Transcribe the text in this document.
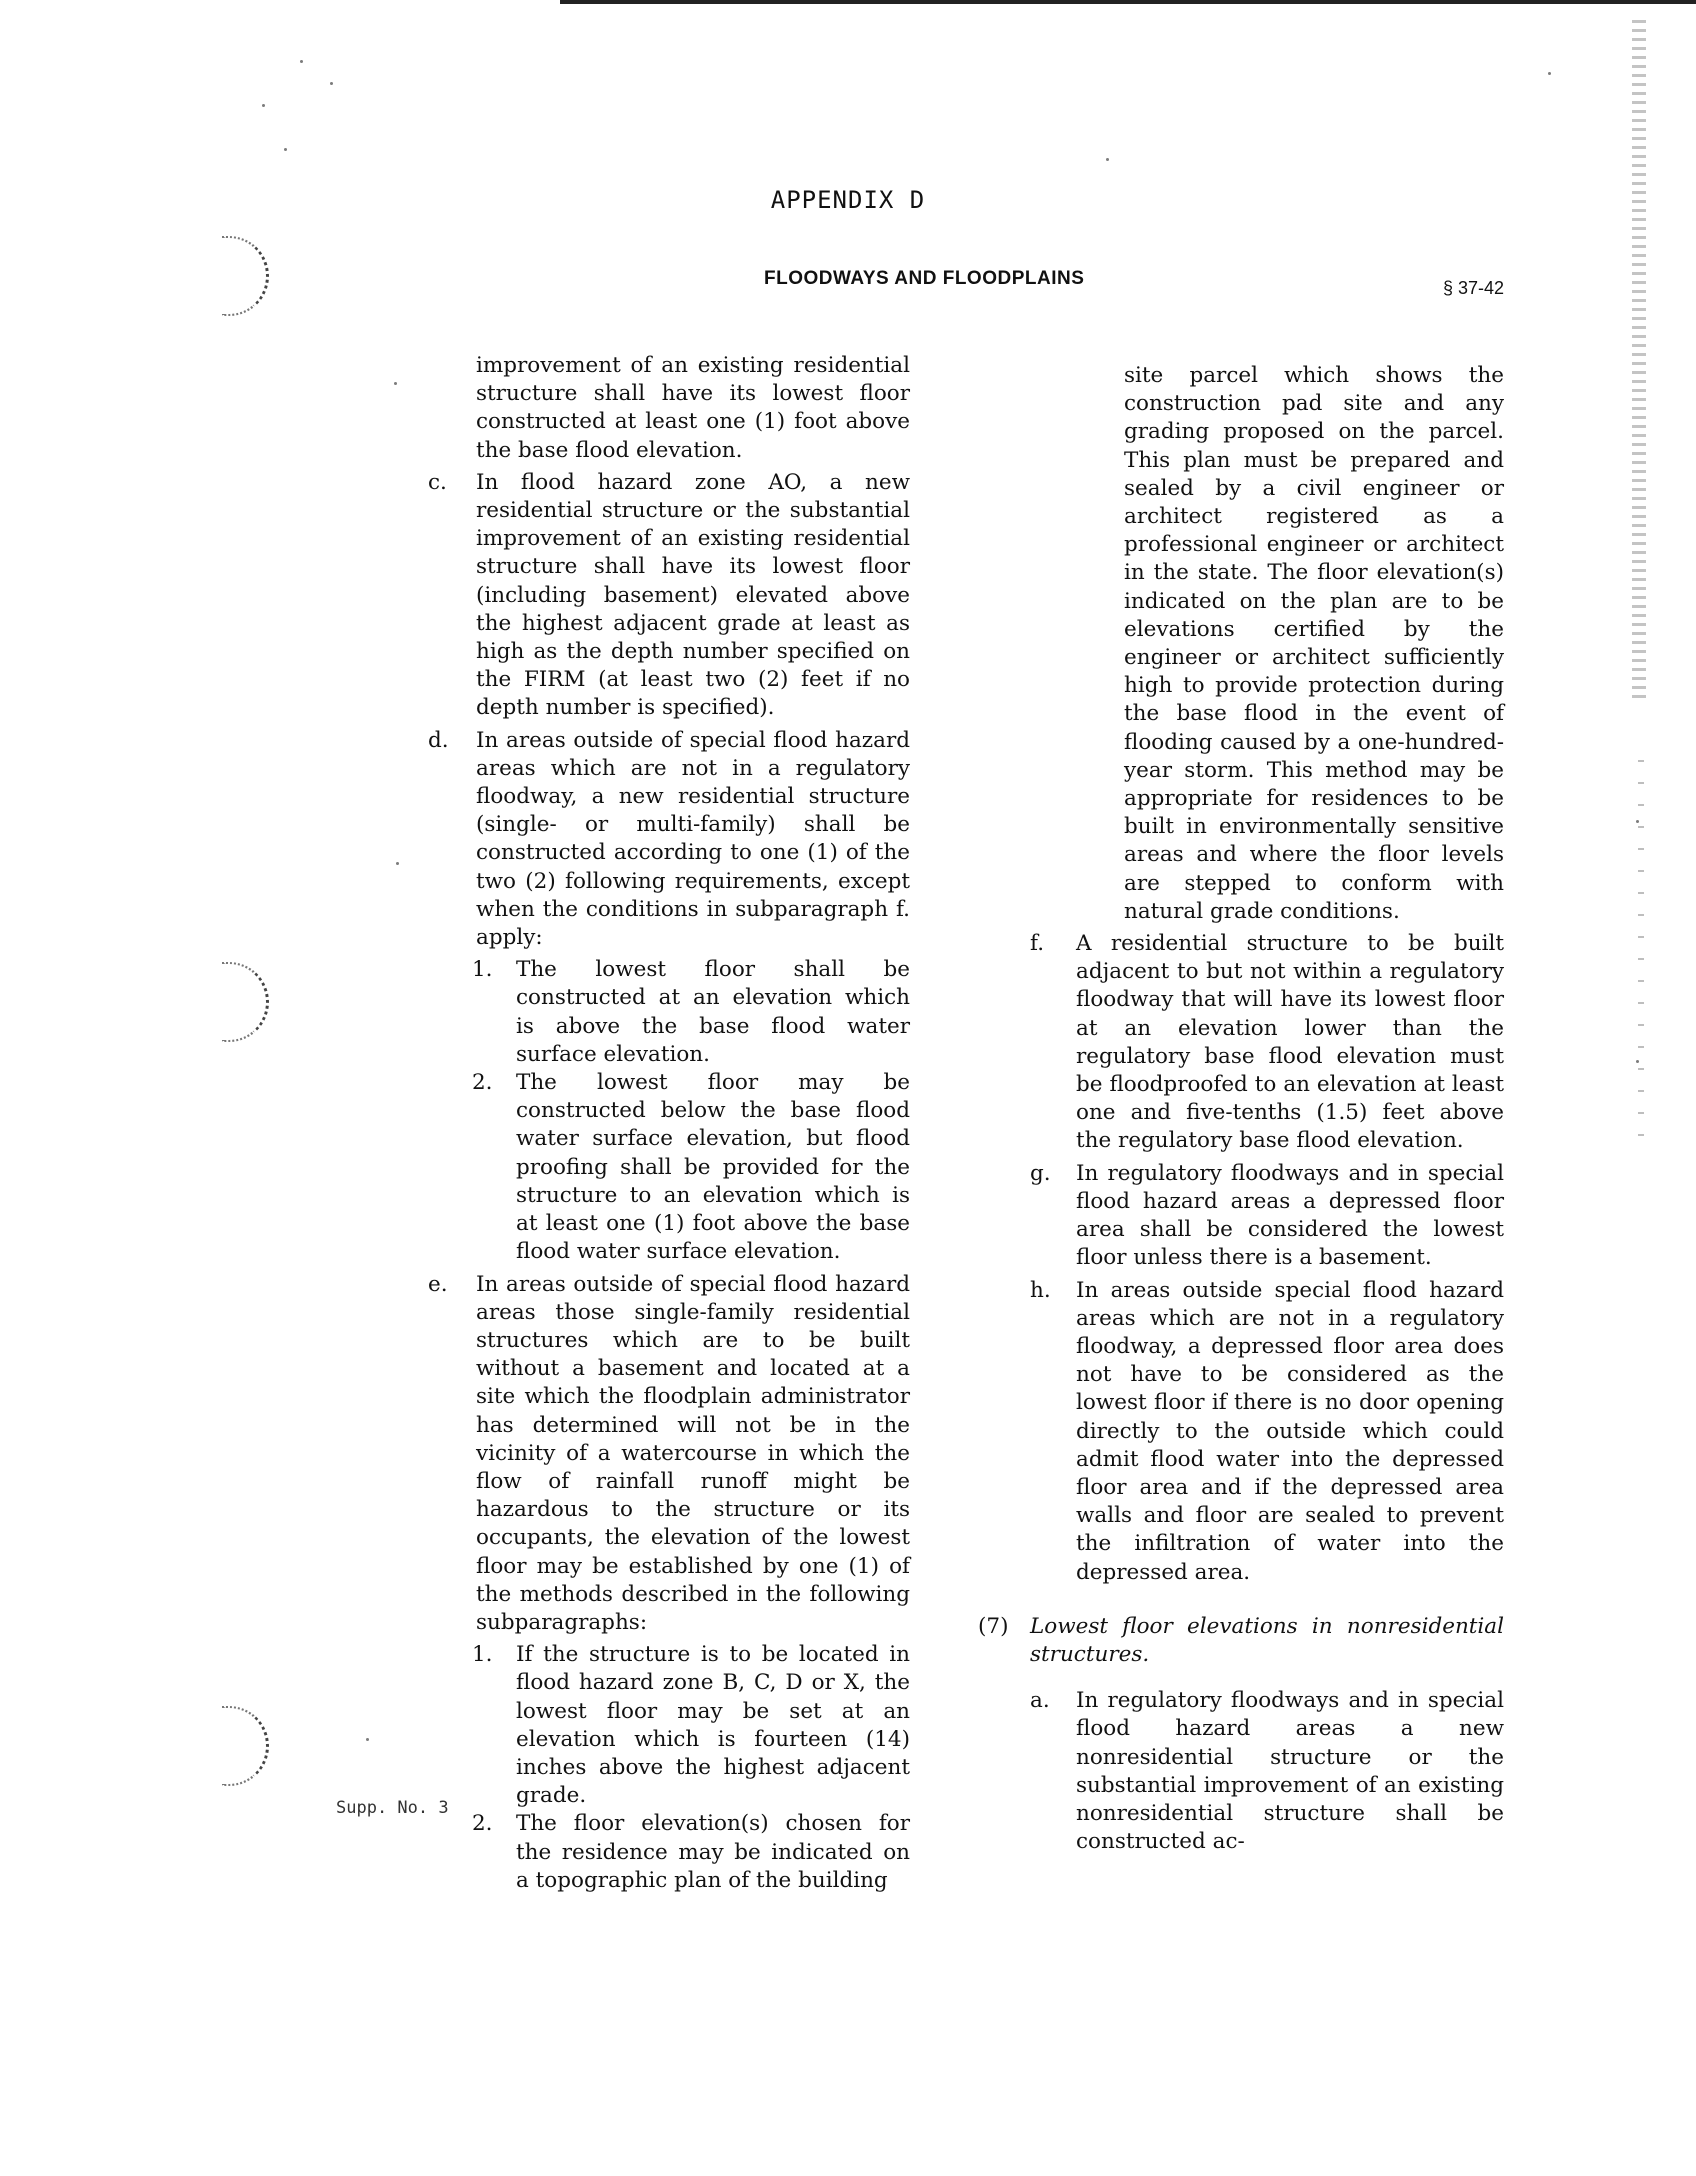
APPENDIX D
FLOODWAYS AND FLOODPLAINS	§ 37-42

improvement of an existing residential structure shall have its lowest floor constructed at least one (1) foot above the base flood elevation.

c. In flood hazard zone AO, a new residential structure or the substantial improvement of an existing residential structure shall have its lowest floor (including basement) elevated above the highest adjacent grade at least as high as the depth number specified on the FIRM (at least two (2) feet if no depth number is specified).
d. In areas outside of special flood hazard areas which are not in a regulatory floodway, a new residential structure (single- or multi-family) shall be constructed according to one (1) of the two (2) following requirements, except when the conditions in subparagraph f. apply:
1. The lowest floor shall be constructed at an elevation which is above the base flood water surface elevation.
2. The lowest floor may be constructed below the base flood water surface elevation, but flood proofing shall be provided for the structure to an elevation which is at least one (1) foot above the base flood water surface elevation.
e. In areas outside of special flood hazard areas those single-family residential structures which are to be built without a basement and located at a site which the floodplain administrator has determined will not be in the vicinity of a watercourse in which the flow of rainfall runoff might be hazardous to the structure or its occupants, the elevation of the lowest floor may be established by one (1) of the methods described in the following subparagraphs:
1. If the structure is to be located in flood hazard zone B, C, D or X, the lowest floor may be set at an elevation which is fourteen (14) inches above the highest adjacent grade.
2. The floor elevation(s) chosen for the residence may be indicated on a topographic plan of the building

site parcel which shows the construction pad site and any grading proposed on the parcel. This plan must be prepared and sealed by a civil engineer or architect registered as a professional engineer or architect in the state. The floor elevation(s) indicated on the plan are to be elevations certified by the engineer or architect sufficiently high to provide protection during the base flood in the event of flooding caused by a one-hundred-year storm. This method may be appropriate for residences to be built in environmentally sensitive areas and where the floor levels are stepped to conform with natural grade conditions.

f. A residential structure to be built adjacent to but not within a regulatory floodway that will have its lowest floor at an elevation lower than the regulatory base flood elevation must be floodproofed to an elevation at least one and five-tenths (1.5) feet above the regulatory base flood elevation.
g. In regulatory floodways and in special flood hazard areas a depressed floor area shall be considered the lowest floor unless there is a basement.
h. In areas outside special flood hazard areas which are not in a regulatory floodway, a depressed floor area does not have to be considered as the lowest floor if there is no door opening directly to the outside which could admit flood water into the depressed floor area and if the depressed area walls and floor are sealed to prevent the infiltration of water into the depressed area.
(7) Lowest floor elevations in nonresidential structures.
a. In regulatory floodways and in special flood hazard areas a new nonresidential structure or the substantial improvement of an existing nonresidential structure shall be constructed ac-
Supp. No. 3
